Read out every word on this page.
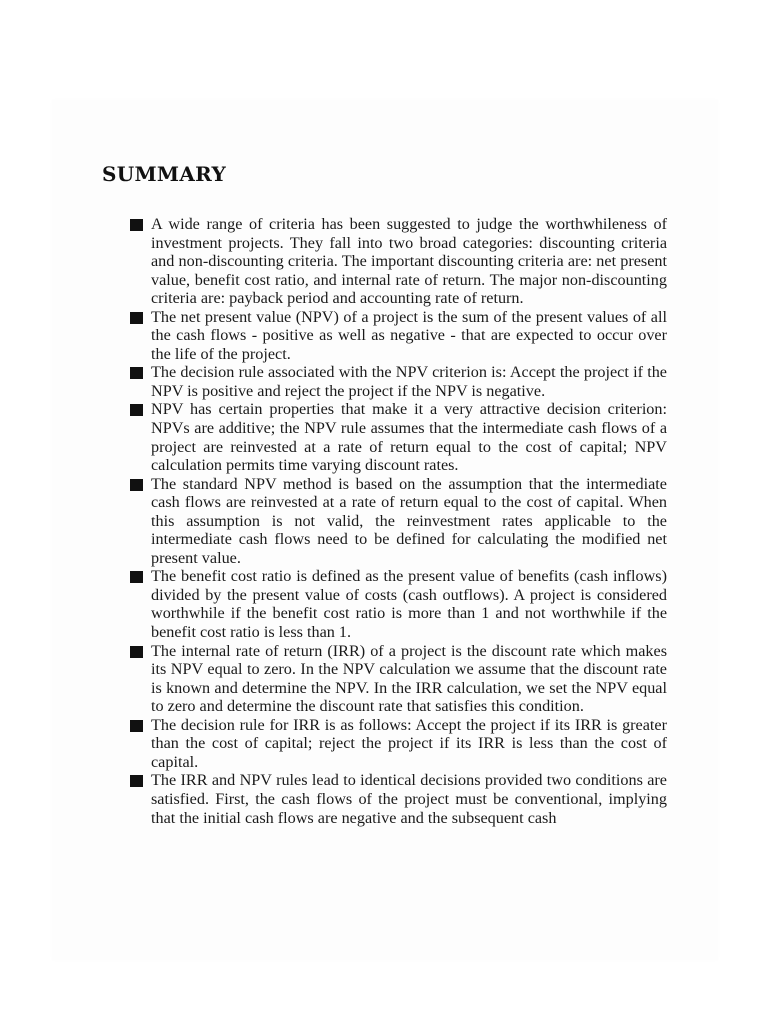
SUMMARY
A wide range of criteria has been suggested to judge the worthwhileness of investment projects. They fall into two broad categories: discounting criteria and non-discounting criteria. The important discounting criteria are: net present value, benefit cost ratio, and internal rate of return. The major non-discounting criteria are: payback period and accounting rate of return.
The net present value (NPV) of a project is the sum of the present values of all the cash flows - positive as well as negative - that are expected to occur over the life of the project.
The decision rule associated with the NPV criterion is: Accept the project if the NPV is positive and reject the project if the NPV is negative.
NPV has certain properties that make it a very attractive decision criterion: NPVs are additive; the NPV rule assumes that the intermediate cash flows of a project are reinvested at a rate of return equal to the cost of capital; NPV calculation permits time varying discount rates.
The standard NPV method is based on the assumption that the intermediate cash flows are reinvested at a rate of return equal to the cost of capital. When this assumption is not valid, the reinvestment rates applicable to the intermediate cash flows need to be defined for calculating the modified net present value.
The benefit cost ratio is defined as the present value of benefits (cash inflows) divided by the present value of costs (cash outflows). A project is considered worthwhile if the benefit cost ratio is more than 1 and not worthwhile if the benefit cost ratio is less than 1.
The internal rate of return (IRR) of a project is the discount rate which makes its NPV equal to zero. In the NPV calculation we assume that the discount rate is known and determine the NPV. In the IRR calculation, we set the NPV equal to zero and determine the discount rate that satisfies this condition.
The decision rule for IRR is as follows: Accept the project if its IRR is greater than the cost of capital; reject the project if its IRR is less than the cost of capital.
The IRR and NPV rules lead to identical decisions provided two conditions are satisfied. First, the cash flows of the project must be conventional, implying that the initial cash flows are negative and the subsequent cash
